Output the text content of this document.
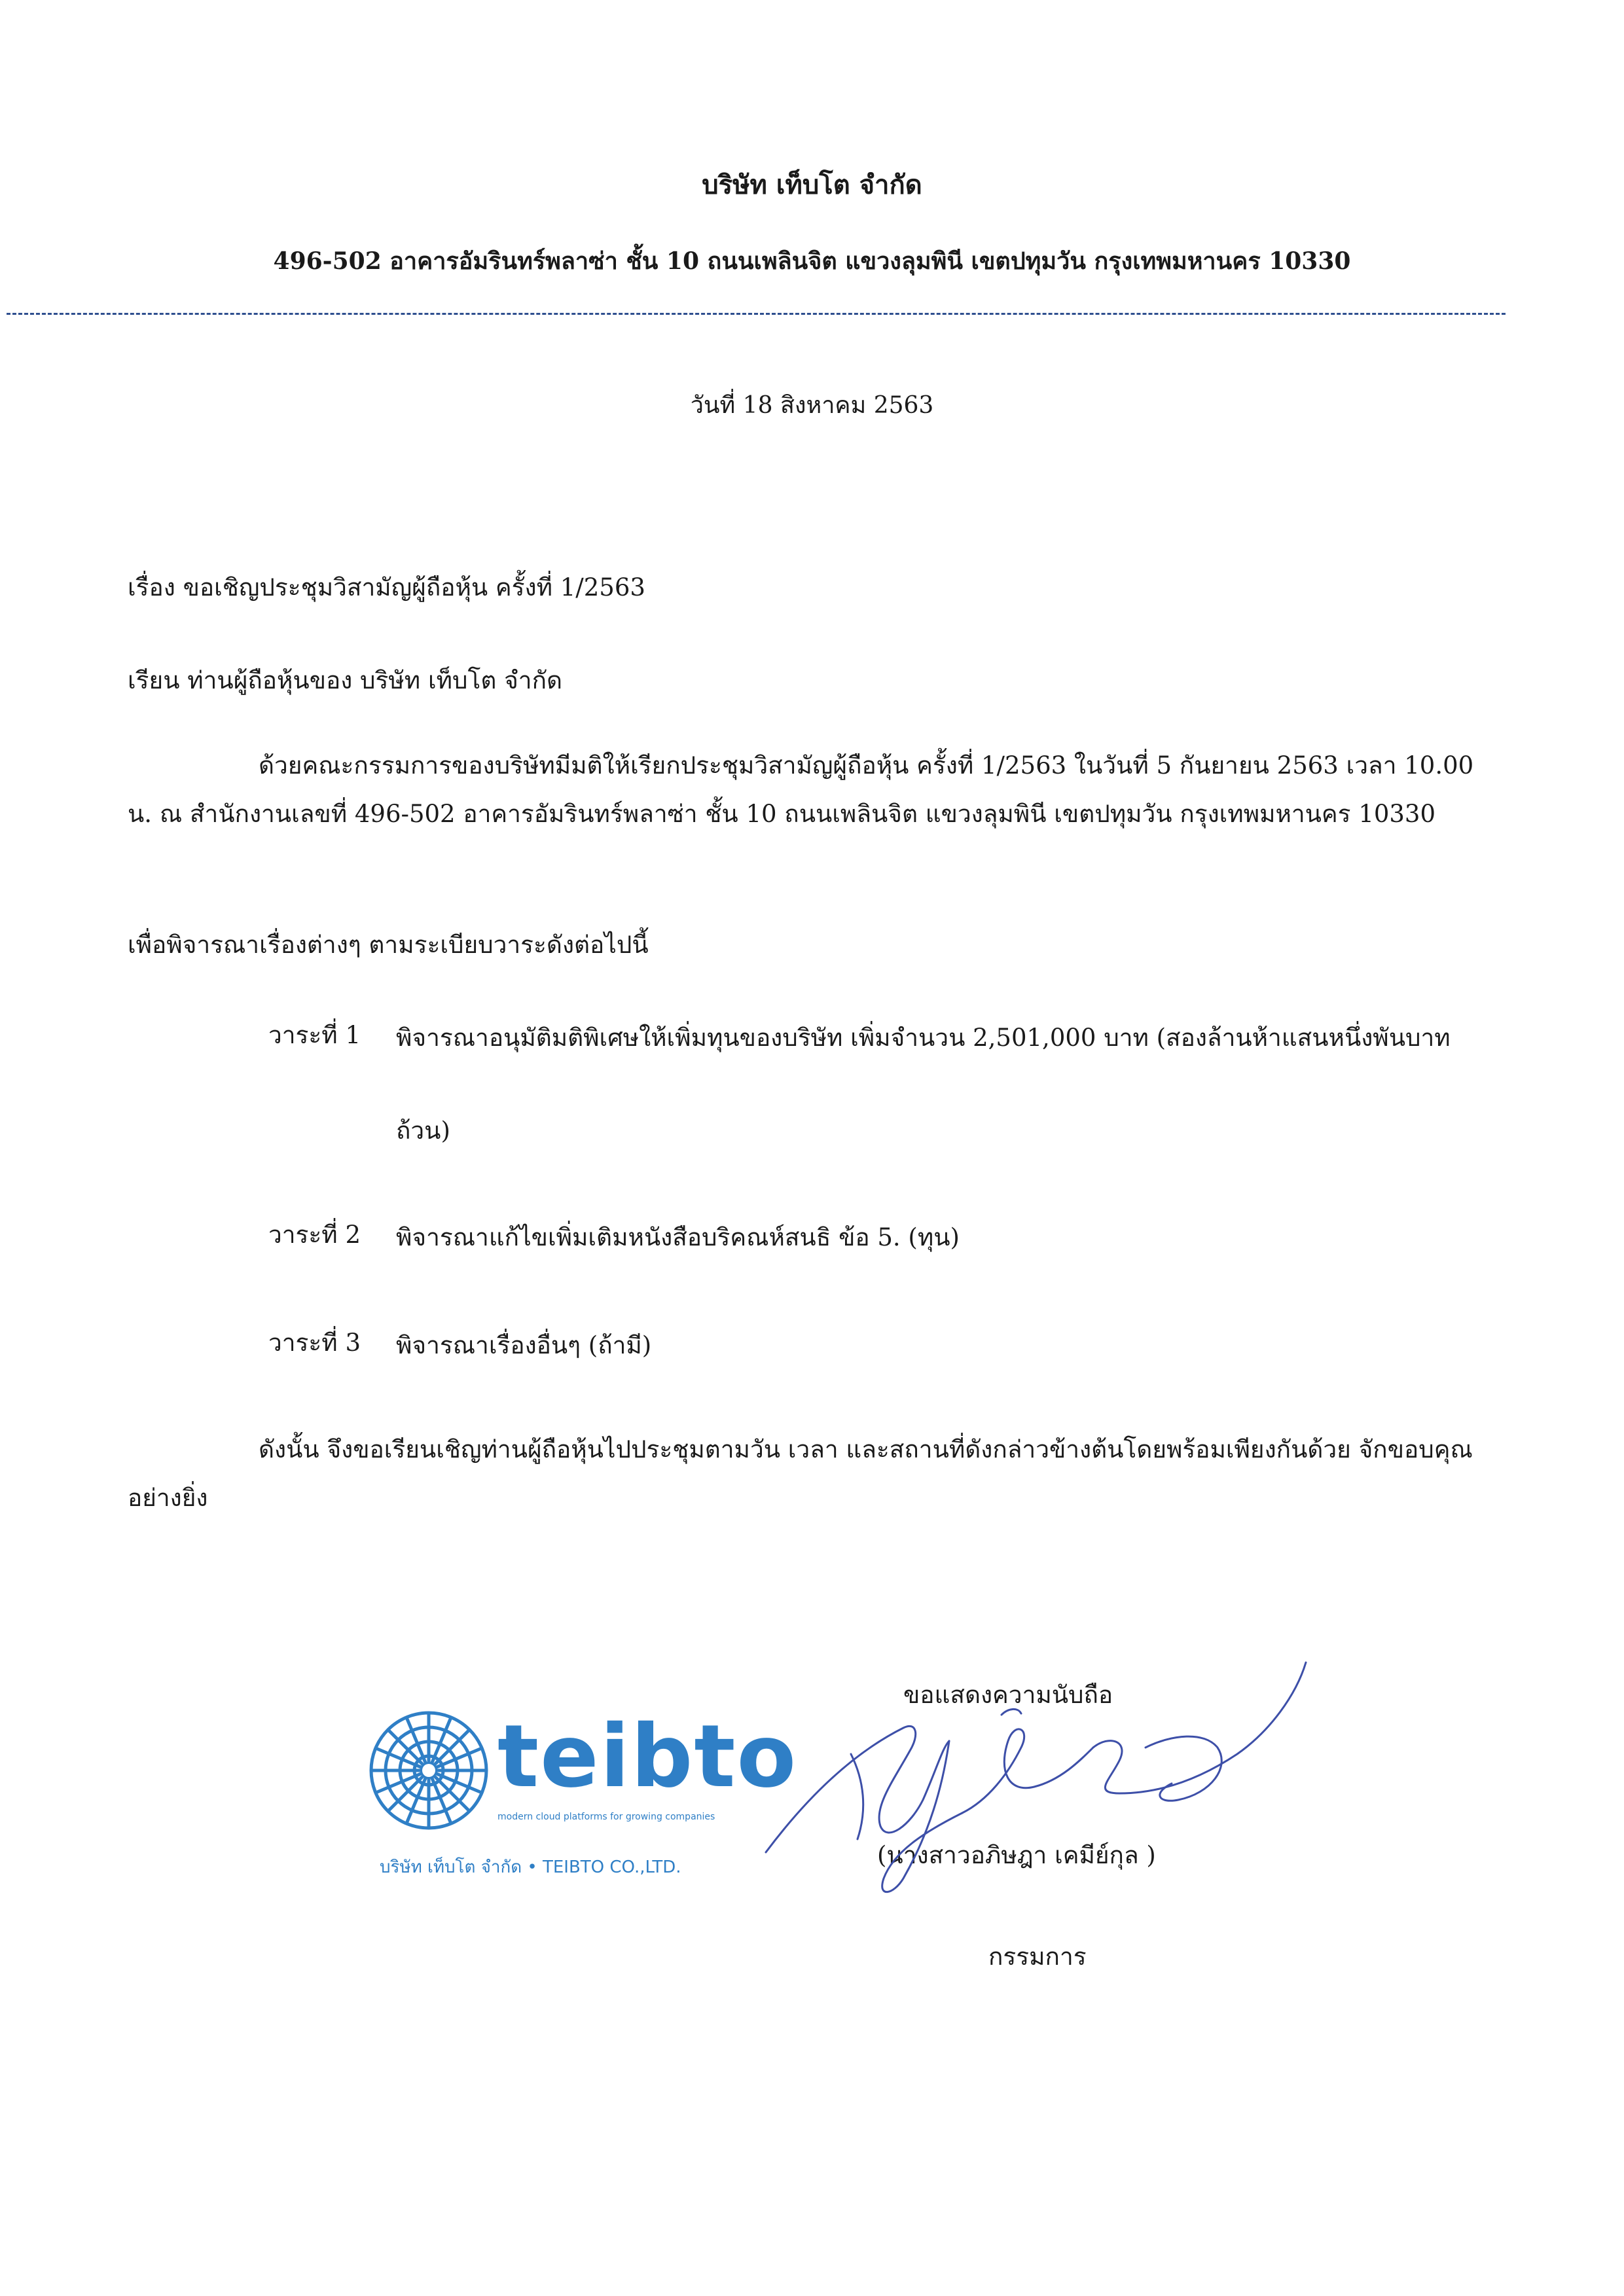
บริษัท เท็บโต จำกัด
496-502 อาคารอัมรินทร์พลาซ่า ชั้น 10 ถนนเพลินจิต แขวงลุมพินี เขตปทุมวัน กรุงเทพมหานคร 10330
วันที่ 18 สิงหาคม 2563
เรื่อง ขอเชิญประชุมวิสามัญผู้ถือหุ้น ครั้งที่ 1/2563
เรียน ท่านผู้ถือหุ้นของ บริษัท เท็บโต จำกัด
ด้วยคณะกรรมการของบริษัทมีมติให้เรียกประชุมวิสามัญผู้ถือหุ้น ครั้งที่ 1/2563 ในวันที่ 5 กันยายน 2563 เวลา 10.00 น. ณ สำนักงานเลขที่ 496-502 อาคารอัมรินทร์พลาซ่า ชั้น 10 ถนนเพลินจิต แขวงลุมพินี เขตปทุมวัน กรุงเทพมหานคร 10330
เพื่อพิจารณาเรื่องต่างๆ ตามระเบียบวาระดังต่อไปนี้
วาระที่ 1 พิจารณาอนุมัติมติพิเศษให้เพิ่มทุนของบริษัท เพิ่มจำนวน 2,501,000 บาท (สองล้านห้าแสนหนึ่งพันบาทถ้วน)
วาระที่ 2 พิจารณาแก้ไขเพิ่มเติมหนังสือบริคณห์สนธิ ข้อ 5. (ทุน)
วาระที่ 3 พิจารณาเรื่องอื่นๆ (ถ้ามี)
ดังนั้น จึงขอเรียนเชิญท่านผู้ถือหุ้นไปประชุมตามวัน เวลา และสถานที่ดังกล่าวข้างต้นโดยพร้อมเพียงกันด้วย จักขอบคุณอย่างยิ่ง
teibto
modern cloud platforms for growing companies
บริษัท เท็บโต จำกัด • TEIBTO CO.,LTD.
ขอแสดงความนับถือ
(นางสาวอภิษฎา เคมีย์กุล )
กรรมการ
